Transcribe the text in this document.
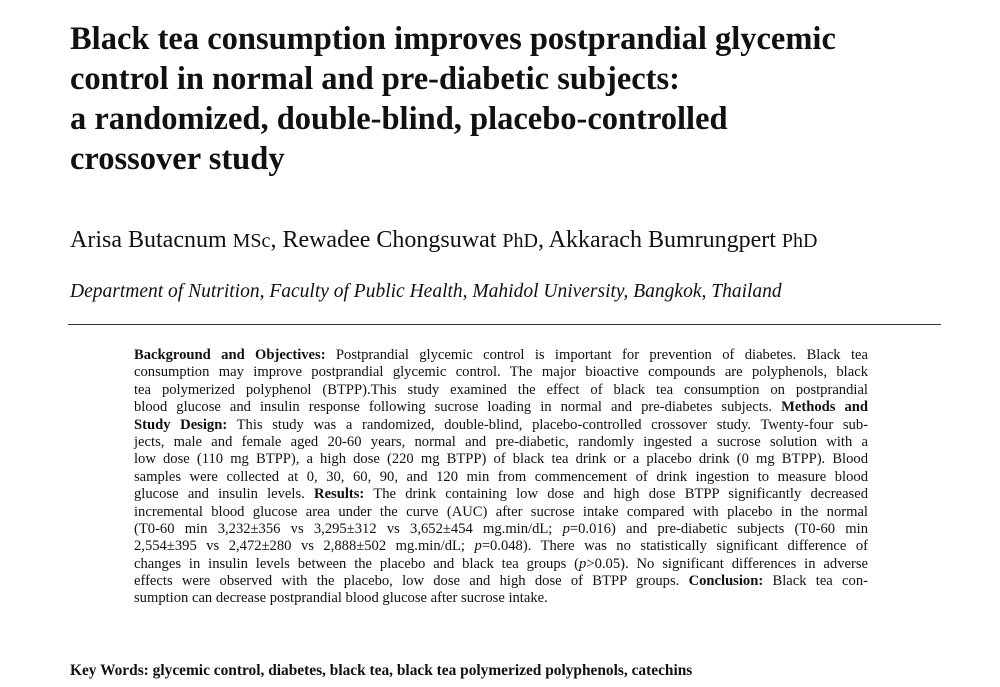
Black tea consumption improves postprandial glycemic
control in normal and pre-diabetic subjects:
a randomized, double-blind, placebo-controlled
crossover study
Arisa Butacnum MSc, Rewadee Chongsuwat PhD, Akkarach Bumrungpert PhD
Department of Nutrition, Faculty of Public Health, Mahidol University, Bangkok, Thailand
Background and Objectives: Postprandial glycemic control is important for prevention of diabetes. Black tea
consumption may improve postprandial glycemic control. The major bioactive compounds are polyphenols, black
tea polymerized polyphenol (BTPP).This study examined the effect of black tea consumption on postprandial
blood glucose and insulin response following sucrose loading in normal and pre-diabetes subjects. Methods and
Study Design: This study was a randomized, double-blind, placebo-controlled crossover study. Twenty-four sub-
jects, male and female aged 20-60 years, normal and pre-diabetic, randomly ingested a sucrose solution with a
low dose (110 mg BTPP), a high dose (220 mg BTPP) of black tea drink or a placebo drink (0 mg BTPP). Blood
samples were collected at 0, 30, 60, 90, and 120 min from commencement of drink ingestion to measure blood
glucose and insulin levels. Results: The drink containing low dose and high dose BTPP significantly decreased
incremental blood glucose area under the curve (AUC) after sucrose intake compared with placebo in the normal
(T0-60 min 3,232±356 vs 3,295±312 vs 3,652±454 mg.min/dL; p=0.016) and pre-diabetic subjects (T0-60 min
2,554±395 vs 2,472±280 vs 2,888±502 mg.min/dL; p=0.048). There was no statistically significant difference of
changes in insulin levels between the placebo and black tea groups (p>0.05). No significant differences in adverse
effects were observed with the placebo, low dose and high dose of BTPP groups. Conclusion: Black tea con-
sumption can decrease postprandial blood glucose after sucrose intake.
Key Words: glycemic control, diabetes, black tea, black tea polymerized polyphenols, catechins
